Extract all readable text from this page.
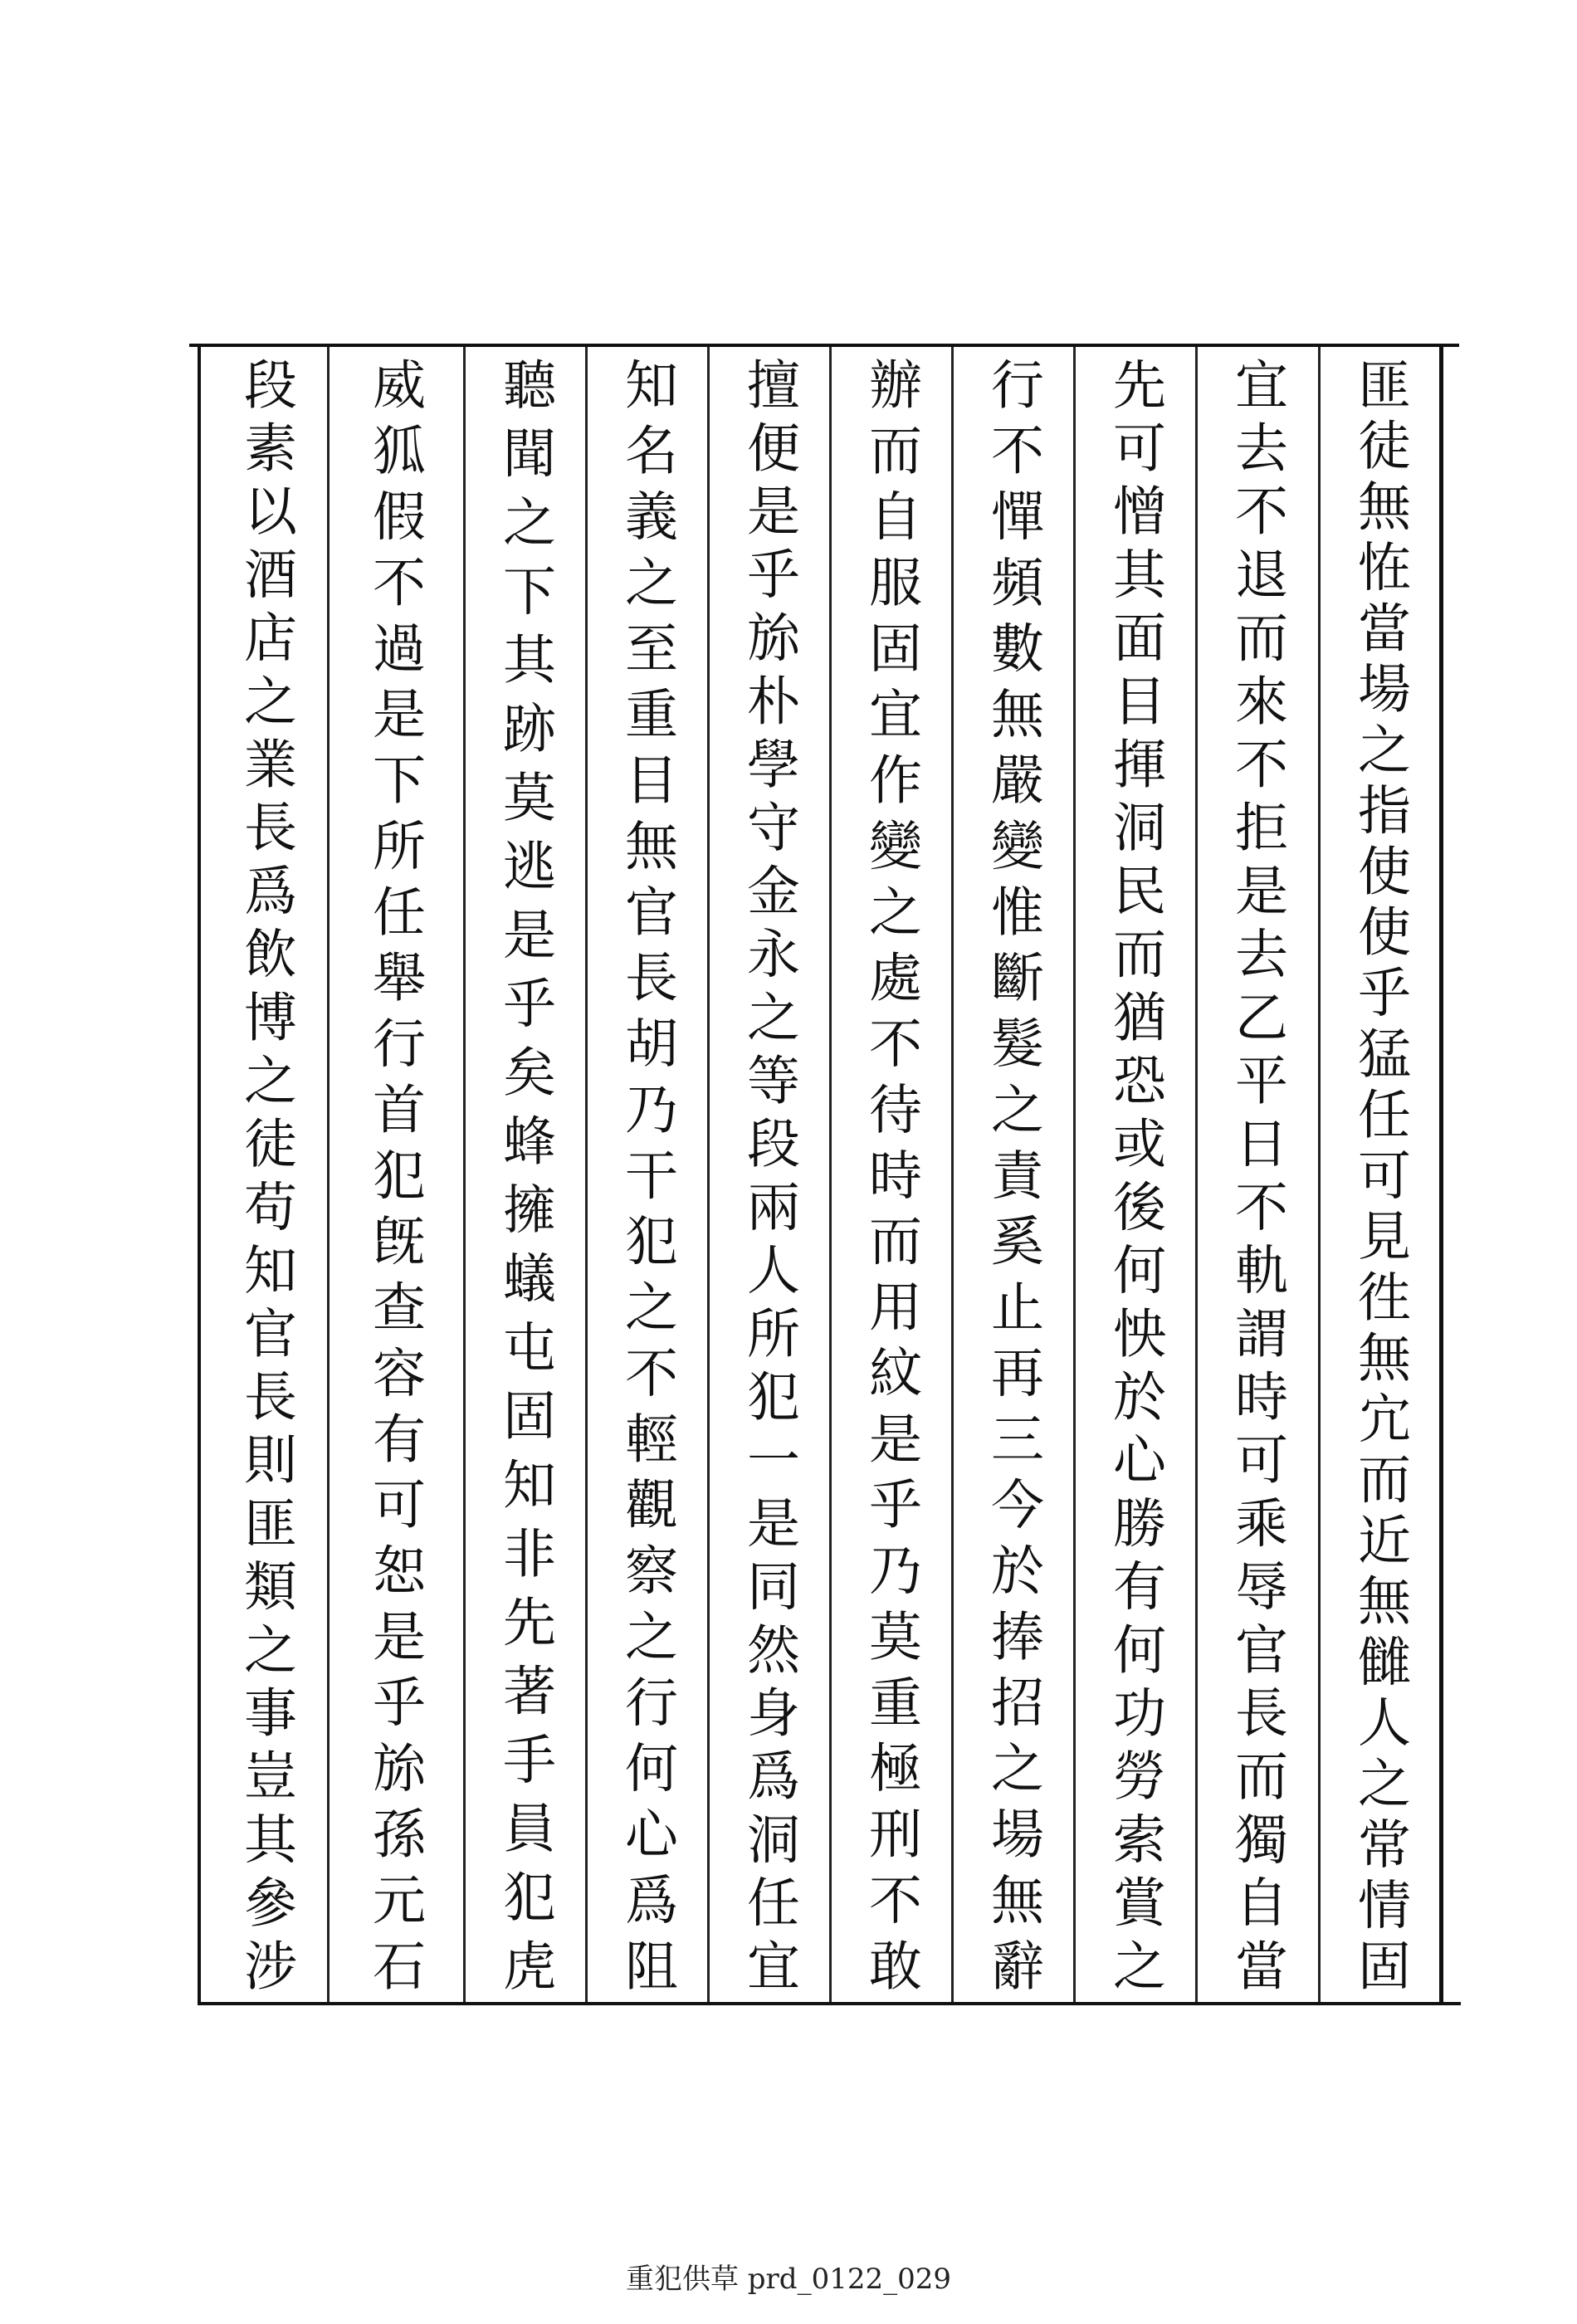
匪徒無恠當場之指使使乎猛任可見徃無宂而近無雠人之常情固
宜去不退而來不拒是去乙平日不軌謂時可乘辱官長而獨自當
先可憎其面目揮洞民而猶恐或後何怏於心勝有何功勞索賞之
行不憚頻數無嚴變惟斷髮之責奚止再三今於捧招之場無辭
辦而自服固宜作變之處不待時而用紋是乎乃莫重極刑不敢
擅便是乎旀朴學守金永之等段兩人所犯一是同然身爲洞任宜
知名義之至重目無官長胡乃干犯之不輕觀察之行何心爲阻
聽聞之下其跡莫逃是乎矣蜂擁蟻屯固知非先著手員犯虎
威狐假不過是下所任舉行首犯旣查容有可恕是乎旀孫元石
段素以酒店之業長爲飲博之徒苟知官長則匪類之事豈其參涉
重犯供草 prd_0122_029
